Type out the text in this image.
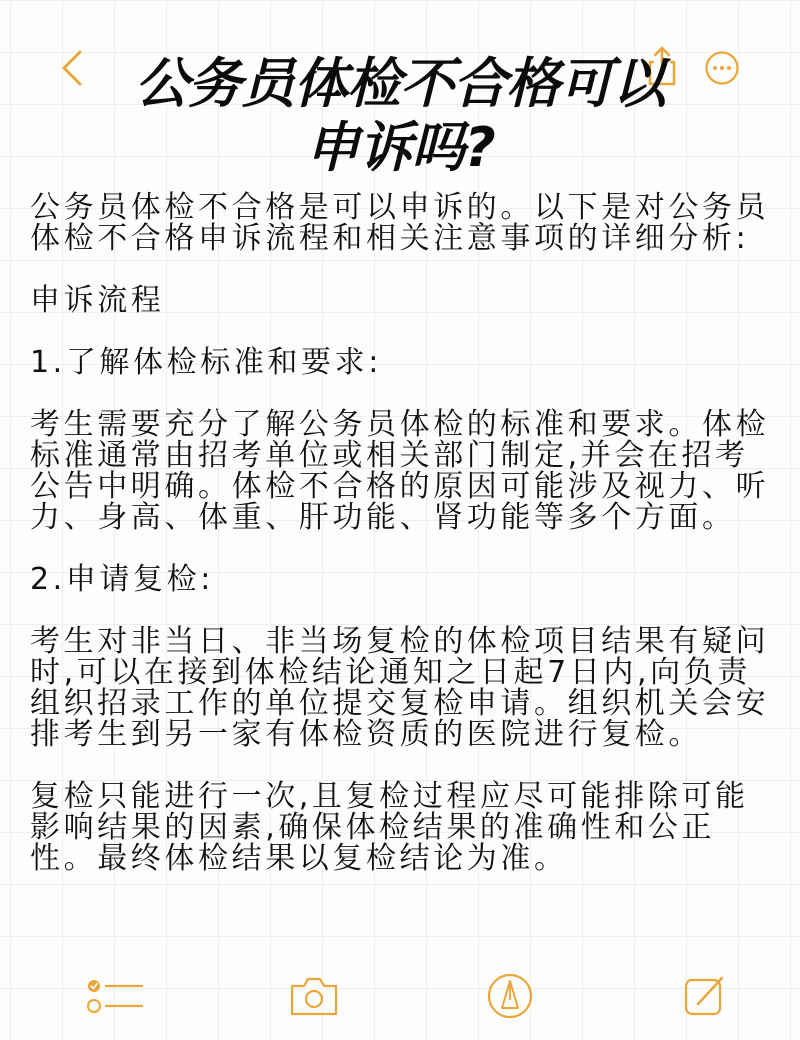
公务员体检不合格可以
申诉吗?

公务员体检不合格是可以申诉的。以下是对公务员体检不合格申诉流程和相关注意事项的详细分析:

申诉流程

1.了解体检标准和要求:

考生需要充分了解公务员体检的标准和要求。体检标准通常由招考单位或相关部门制定,并会在招考公告中明确。体检不合格的原因可能涉及视力、听力、身高、体重、肝功能、肾功能等多个方面。

2.申请复检:

考生对非当日、非当场复检的体检项目结果有疑问时,可以在接到体检结论通知之日起7日内,向负责组织招录工作的单位提交复检申请。组织机关会安排考生到另一家有体检资质的医院进行复检。

复检只能进行一次,且复检过程应尽可能排除可能影响结果的因素,确保体检结果的准确性和公正性。最终体检结果以复检结论为准。
